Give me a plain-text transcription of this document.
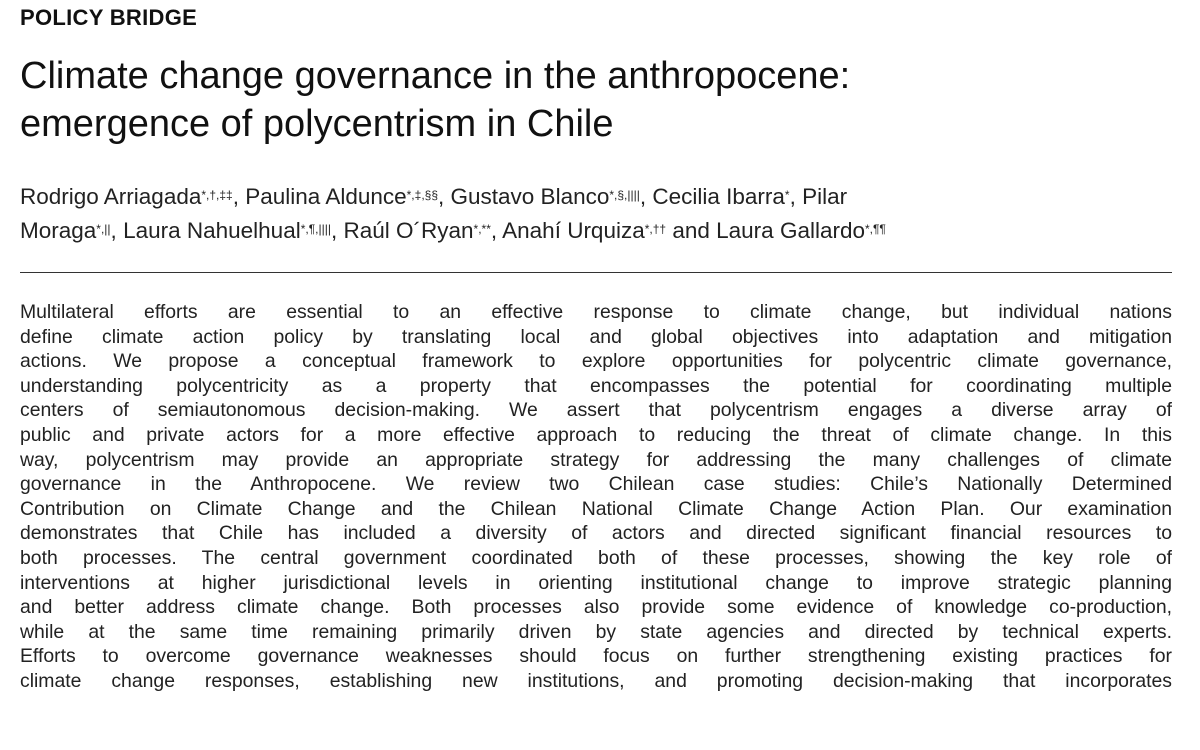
POLICY BRIDGE
Climate change governance in the anthropocene:
emergence of polycentrism in Chile
Rodrigo Arriagada*,†,‡‡, Paulina Aldunce*,‡,§§, Gustavo Blanco*,§,||||, Cecilia Ibarra*, Pilar
Moraga*,||, Laura Nahuelhual*,¶,||||, Raúl O´Ryan*,**, Anahí Urquiza*,†† and Laura Gallardo*,¶¶
Multilateral efforts are essential to an effective response to climate change, but individual nations
define climate action policy by translating local and global objectives into adaptation and mitigation
actions. We propose a conceptual framework to explore opportunities for polycentric climate governance,
understanding polycentricity as a property that encompasses the potential for coordinating multiple
centers of semiautonomous decision-making. We assert that polycentrism engages a diverse array of
public and private actors for a more effective approach to reducing the threat of climate change. In this
way, polycentrism may provide an appropriate strategy for addressing the many challenges of climate
governance in the Anthropocene. We review two Chilean case studies: Chile’s Nationally Determined
Contribution on Climate Change and the Chilean National Climate Change Action Plan. Our examination
demonstrates that Chile has included a diversity of actors and directed significant financial resources to
both processes. The central government coordinated both of these processes, showing the key role of
interventions at higher jurisdictional levels in orienting institutional change to improve strategic planning
and better address climate change. Both processes also provide some evidence of knowledge co-production,
while at the same time remaining primarily driven by state agencies and directed by technical experts.
Efforts to overcome governance weaknesses should focus on further strengthening existing practices for
climate change responses, establishing new institutions, and promoting decision-making that incorporates
